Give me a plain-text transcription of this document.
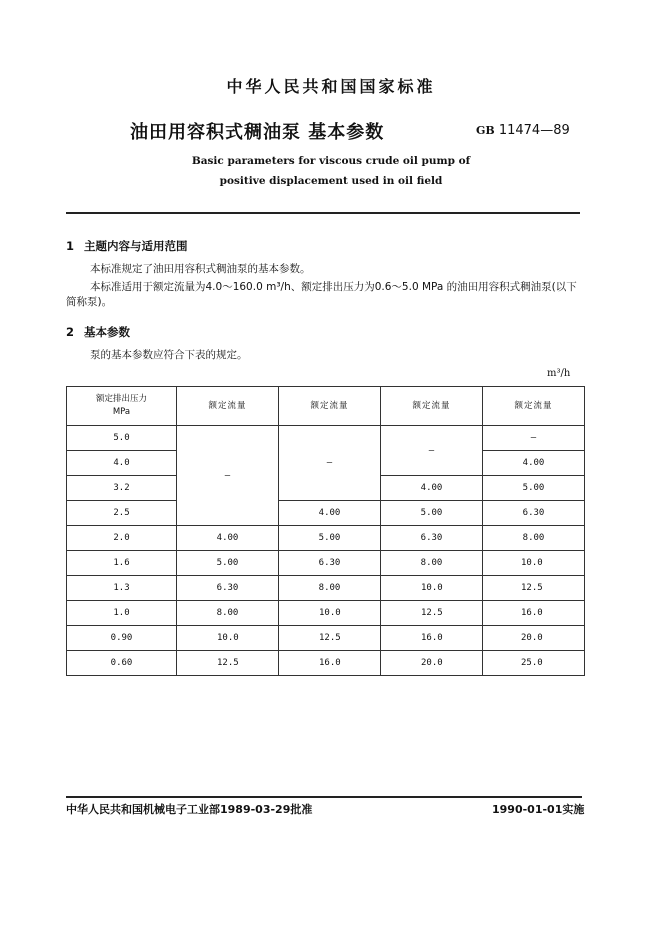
中华人民共和国国家标准
油田用容积式稠油泵 基本参数	GB 11474—89
Basic parameters for viscous crude oil pump of
positive displacement used in oil field
1 主题内容与适用范围
本标准规定了油田用容积式稠油泵的基本参数。
本标准适用于额定流量为4.0～160.0 m³/h、额定排出压力为0.6～5.0 MPa 的油田用容积式稠油泵(以下简称泵)。
2 基本参数
泵的基本参数应符合下表的规定。
m³/h
额定排出压力
MPa	额定流量	额定流量	额定流量	额定流量
5.0	—	—	—	—
4.0				4.00
3.2			4.00	5.00
2.5		4.00	5.00	6.30
2.0	4.00	5.00	6.30	8.00
1.6	5.00	6.30	8.00	10.0
1.3	6.30	8.00	10.0	12.5
1.0	8.00	10.0	12.5	16.0
0.90	10.0	12.5	16.0	20.0
0.60	12.5	16.0	20.0	25.0
中华人民共和国机械电子工业部1989-03-29批准	1990-01-01实施
